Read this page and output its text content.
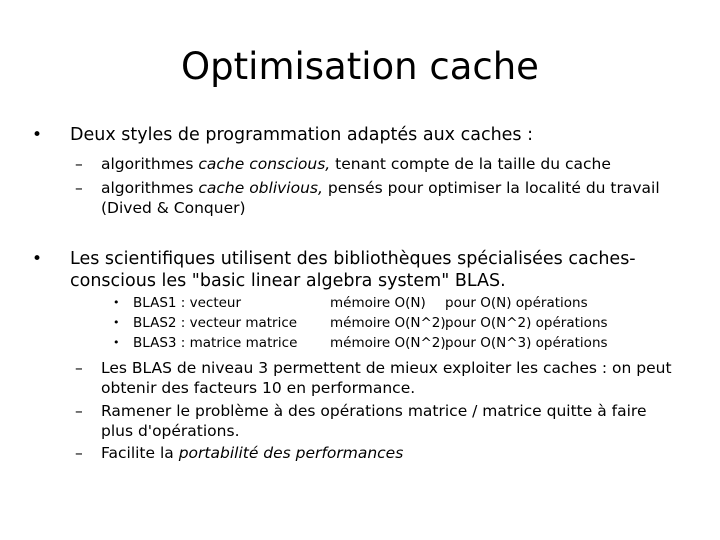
Optimisation cache
• Deux styles de programmation adaptés aux caches :
– algorithmes cache conscious, tenant compte de la taille du cache
– algorithmes cache oblivious, pensés pour optimiser la localité du travail (Dived & Conquer)
• Les scientifiques utilisent des bibliothèques spécialisées caches-conscious les "basic linear algebra system" BLAS.
• BLAS1 : vecteur	mémoire O(N) pour O(N) opérations
• BLAS2 : vecteur matrice mémoire O(N^2) pour O(N^2) opérations
• BLAS3 : matrice matrice mémoire O(N^2) pour O(N^3) opérations
– Les BLAS de niveau 3 permettent de mieux exploiter les caches : on peut obtenir des facteurs 10 en performance.
– Ramener le problème à des opérations matrice / matrice quitte à faire plus d'opérations.
– Facilite la portabilité des performances
